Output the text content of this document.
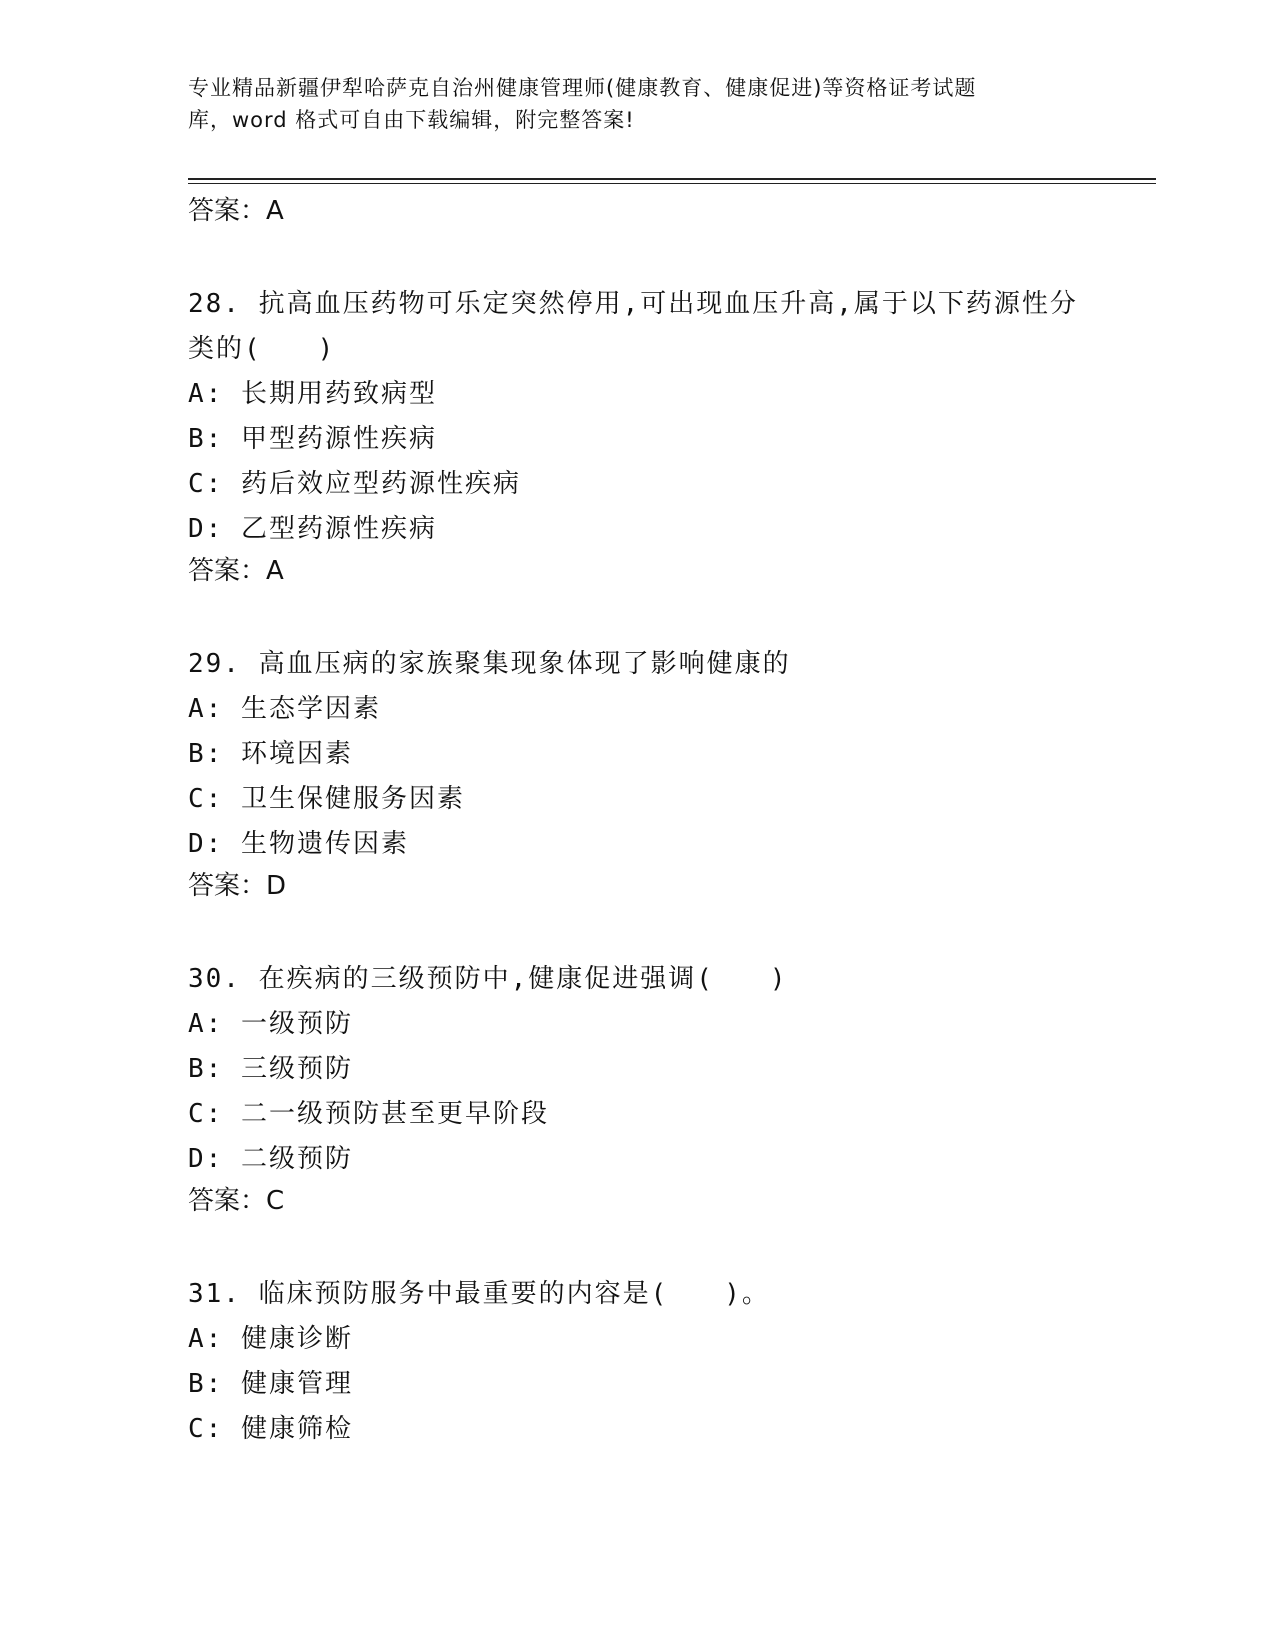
专业精品新疆伊犁哈萨克自治州健康管理师(健康教育、健康促进)等资格证考试题
库，word 格式可自由下载编辑，附完整答案!
答案：A
28. 抗高血压药物可乐定突然停用,可出现血压升高,属于以下药源性分类的(　　)
A: 长期用药致病型
B: 甲型药源性疾病
C: 药后效应型药源性疾病
D: 乙型药源性疾病
答案：A
29. 高血压病的家族聚集现象体现了影响健康的
A: 生态学因素
B: 环境因素
C: 卫生保健服务因素
D: 生物遗传因素
答案：D
30. 在疾病的三级预防中,健康促进强调(　　)
A: 一级预防
B: 三级预防
C: 二一级预防甚至更早阶段
D: 二级预防
答案：C
31. 临床预防服务中最重要的内容是(　　)。
A: 健康诊断
B: 健康管理
C: 健康筛检
